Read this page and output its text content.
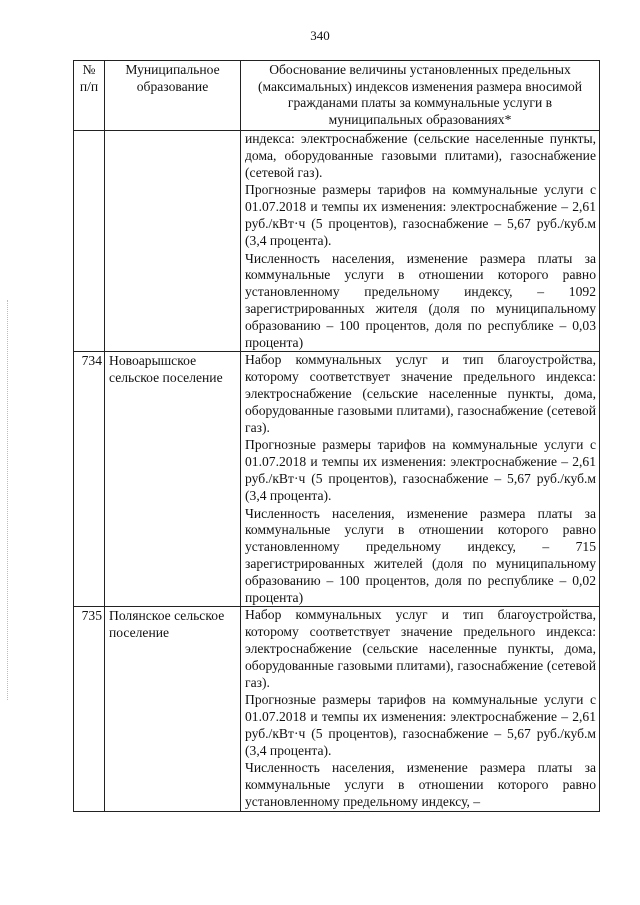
340
№ п/п	Муниципальное образование	Обоснование величины установленных предельных (максимальных) индексов изменения размера вносимой гражданами платы за коммунальные услуги в муниципальных образованиях*

		индекса: электроснабжение (сельские населенные пункты, дома, оборудованные газовыми плитами), газоснабжение (сетевой газ).

Прогнозные размеры тарифов на коммунальные услуги с 01.07.2018 и темпы их изменения: электроснабжение – 2,61 руб./кВт·ч (5 процентов), газоснабжение – 5,67 руб./куб.м (3,4 процента).

Численность населения, изменение размера платы за коммунальные услуги в отношении которого равно установленному предельному индексу, – 1092 зарегистрированных жителя (доля по муниципальному образованию – 100 процентов, доля по республике – 0,03 процента)

734	Новоарышское сельское поселение	Набор коммунальных услуг и тип благоустройства, которому соответствует значение предельного индекса: электроснабжение (сельские населенные пункты, дома, оборудованные газовыми плитами), газоснабжение (сетевой газ).

Прогнозные размеры тарифов на коммунальные услуги с 01.07.2018 и темпы их изменения: электроснабжение – 2,61 руб./кВт·ч (5 процентов), газоснабжение – 5,67 руб./куб.м (3,4 процента).

Численность населения, изменение размера платы за коммунальные услуги в отношении которого равно установленному предельному индексу, – 715 зарегистрированных жителей (доля по муниципальному образованию – 100 процентов, доля по республике – 0,02 процента)

735	Полянское сельское поселение	Набор коммунальных услуг и тип благоустройства, которому соответствует значение предельного индекса: электроснабжение (сельские населенные пункты, дома, оборудованные газовыми плитами), газоснабжение (сетевой газ).

Прогнозные размеры тарифов на коммунальные услуги с 01.07.2018 и темпы их изменения: электроснабжение – 2,61 руб./кВт·ч (5 процентов), газоснабжение – 5,67 руб./куб.м (3,4 процента).

Численность населения, изменение размера платы за коммунальные услуги в отношении которого равно установленному предельному индексу, –
